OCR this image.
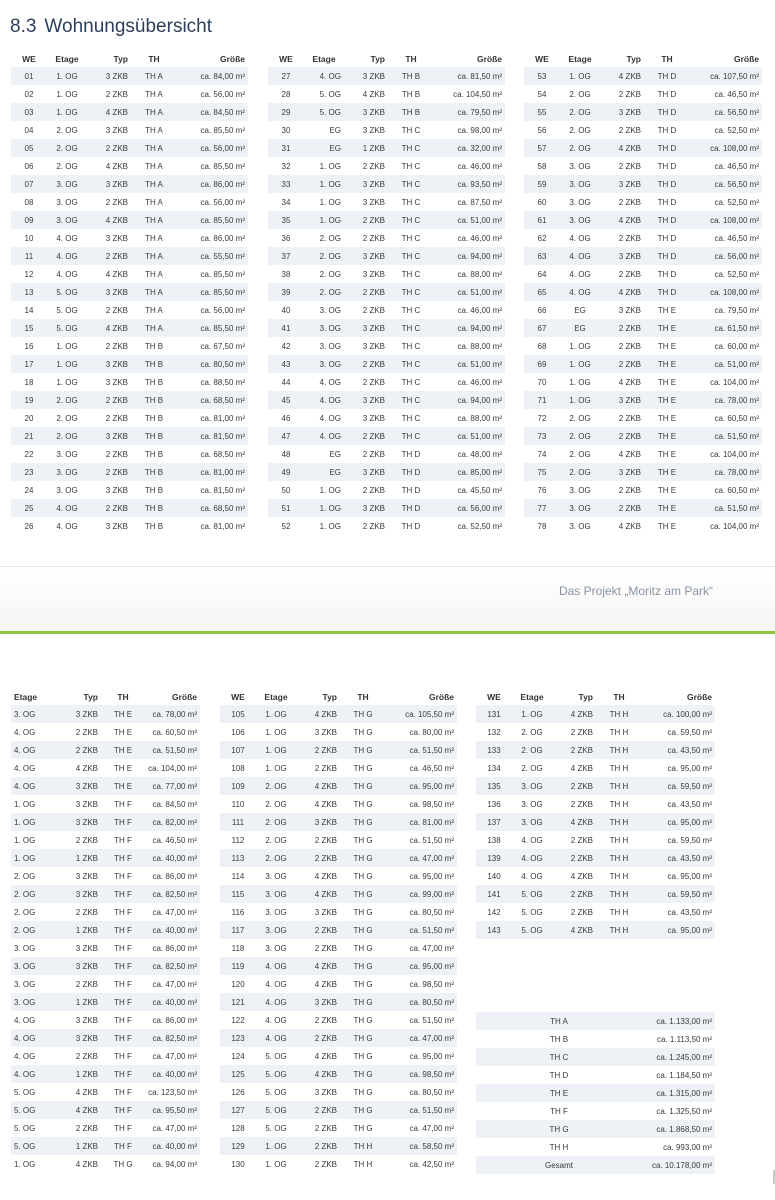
8.3 Wohnungsübersicht
WE	Etage	Typ	TH	Größe
01	1. OG	3 ZKB	TH A	ca. 84,00 m²
02	1. OG	2 ZKB	TH A	ca. 56,00 m²
03	1. OG	4 ZKB	TH A	ca. 84,50 m²
04	2. OG	3 ZKB	TH A	ca. 85,50 m²
05	2. OG	2 ZKB	TH A	ca. 56,00 m²
06	2. OG	4 ZKB	TH A	ca. 85,50 m²
07	3. OG	3 ZKB	TH A	ca. 86,00 m²
08	3. OG	2 ZKB	TH A	ca. 56,00 m²
09	3. OG	4 ZKB	TH A	ca. 85,50 m²
10	4. OG	3 ZKB	TH A	ca. 86,00 m²
11	4. OG	2 ZKB	TH A	ca. 55,50 m²
12	4. OG	4 ZKB	TH A	ca. 85,50 m²
13	5. OG	3 ZKB	TH A	ca. 85,50 m²
14	5. OG	2 ZKB	TH A	ca. 56,00 m²
15	5. OG	4 ZKB	TH A	ca. 85,50 m²
16	1. OG	2 ZKB	TH B	ca. 67,50 m²
17	1. OG	3 ZKB	TH B	ca. 80,50 m²
18	1. OG	3 ZKB	TH B	ca. 88,50 m²
19	2. OG	2 ZKB	TH B	ca. 68,50 m²
20	2. OG	2 ZKB	TH B	ca. 81,00 m²
21	2. OG	3 ZKB	TH B	ca. 81,50 m²
22	3. OG	2 ZKB	TH B	ca. 68,50 m²
23	3. OG	2 ZKB	TH B	ca. 81,00 m²
24	3. OG	3 ZKB	TH B	ca. 81,50 m²
25	4. OG	2 ZKB	TH B	ca. 68,50 m²
26	4. OG	3 ZKB	TH B	ca. 81,00 m²
WE	Etage	Typ	TH	Größe
27	4. OG	3 ZKB	TH B	ca. 81,50 m²
28	5. OG	4 ZKB	TH B	ca. 104,50 m²
29	5. OG	3 ZKB	TH B	ca. 79,50 m²
30	EG	3 ZKB	TH C	ca. 98,00 m²
31	EG	1 ZKB	TH C	ca. 32,00 m²
32	1. OG	2 ZKB	TH C	ca. 46,00 m²
33	1. OG	3 ZKB	TH C	ca. 93,50 m²
34	1. OG	3 ZKB	TH C	ca. 87,50 m²
35	1. OG	2 ZKB	TH C	ca. 51,00 m²
36	2. OG	2 ZKB	TH C	ca. 46,00 m²
37	2. OG	3 ZKB	TH C	ca. 94,00 m²
38	2. OG	3 ZKB	TH C	ca. 88,00 m²
39	2. OG	2 ZKB	TH C	ca. 51,00 m²
40	3. OG	2 ZKB	TH C	ca. 46,00 m²
41	3. OG	3 ZKB	TH C	ca. 94,00 m²
42	3. OG	3 ZKB	TH C	ca. 88,00 m²
43	3. OG	2 ZKB	TH C	ca. 51,00 m²
44	4. OG	2 ZKB	TH C	ca. 46,00 m²
45	4. OG	3 ZKB	TH C	ca. 94,00 m²
46	4. OG	3 ZKB	TH C	ca. 88,00 m²
47	4. OG	2 ZKB	TH C	ca. 51,00 m²
48	EG	2 ZKB	TH D	ca. 48,00 m²
49	EG	3 ZKB	TH D	ca. 85,00 m²
50	1. OG	2 ZKB	TH D	ca. 45,50 m²
51	1. OG	3 ZKB	TH D	ca. 56,00 m²
52	1. OG	2 ZKB	TH D	ca. 52,50 m²
WE	Etage	Typ	TH	Größe
53	1. OG	4 ZKB	TH D	ca. 107,50 m²
54	2. OG	2 ZKB	TH D	ca. 46,50 m²
55	2. OG	3 ZKB	TH D	ca. 56,50 m²
56	2. OG	2 ZKB	TH D	ca. 52,50 m²
57	2. OG	4 ZKB	TH D	ca. 108,00 m²
58	3. OG	2 ZKB	TH D	ca. 46,50 m²
59	3. OG	3 ZKB	TH D	ca. 56,50 m²
60	3. OG	2 ZKB	TH D	ca. 52,50 m²
61	3. OG	4 ZKB	TH D	ca. 108,00 m²
62	4. OG	2 ZKB	TH D	ca. 46,50 m²
63	4. OG	3 ZKB	TH D	ca. 56,00 m²
64	4. OG	2 ZKB	TH D	ca. 52,50 m²
65	4. OG	4 ZKB	TH D	ca. 108,00 m²
66	EG	3 ZKB	TH E	ca. 79,50 m²
67	EG	2 ZKB	TH E	ca. 61,50 m²
68	1. OG	2 ZKB	TH E	ca. 60,00 m²
69	1. OG	2 ZKB	TH E	ca. 51,00 m²
70	1. OG	4 ZKB	TH E	ca. 104,00 m²
71	1. OG	3 ZKB	TH E	ca. 78,00 m²
72	2. OG	2 ZKB	TH E	ca. 60,50 m²
73	2. OG	2 ZKB	TH E	ca. 51,50 m²
74	2. OG	4 ZKB	TH E	ca. 104,00 m²
75	2. OG	3 ZKB	TH E	ca. 78,00 m²
76	3. OG	2 ZKB	TH E	ca. 60,50 m²
77	3. OG	2 ZKB	TH E	ca. 51,50 m²
78	3. OG	4 ZKB	TH E	ca. 104,00 m²
Das Projekt „Moritz am Park“
Etage	Typ	TH	Größe
3. OG	3 ZKB	TH E	ca. 78,00 m²
4. OG	2 ZKB	TH E	ca. 60,50 m²
4. OG	2 ZKB	TH E	ca. 51,50 m²
4. OG	4 ZKB	TH E	ca. 104,00 m²
4. OG	3 ZKB	TH E	ca. 77,00 m²
1. OG	3 ZKB	TH F	ca. 84,50 m²
1. OG	3 ZKB	TH F	ca. 82,00 m²
1. OG	2 ZKB	TH F	ca. 46,50 m²
1. OG	1 ZKB	TH F	ca. 40,00 m²
2. OG	3 ZKB	TH F	ca. 86,00 m²
2. OG	3 ZKB	TH F	ca. 82,50 m²
2. OG	2 ZKB	TH F	ca. 47,00 m²
2. OG	1 ZKB	TH F	ca. 40,00 m²
3. OG	3 ZKB	TH F	ca. 86,00 m²
3. OG	3 ZKB	TH F	ca. 82,50 m²
3. OG	2 ZKB	TH F	ca. 47,00 m²
3. OG	1 ZKB	TH F	ca. 40,00 m²
4. OG	3 ZKB	TH F	ca. 86,00 m²
4. OG	3 ZKB	TH F	ca. 82,50 m²
4. OG	2 ZKB	TH F	ca. 47,00 m²
4. OG	1 ZKB	TH F	ca. 40,00 m²
5. OG	4 ZKB	TH F	ca. 123,50 m²
5. OG	4 ZKB	TH F	ca. 95,50 m²
5. OG	2 ZKB	TH F	ca. 47,00 m²
5. OG	1 ZKB	TH F	ca. 40,00 m²
1. OG	4 ZKB	TH G	ca. 94,00 m²
WE	Etage	Typ	TH	Größe
105	1. OG	4 ZKB	TH G	ca. 105,50 m²
106	1. OG	3 ZKB	TH G	ca. 80,00 m²
107	1. OG	2 ZKB	TH G	ca. 51,50 m²
108	1. OG	2 ZKB	TH G	ca. 46,50 m²
109	2. OG	4 ZKB	TH G	ca. 95,00 m²
110	2. OG	4 ZKB	TH G	ca. 98,50 m²
111	2. OG	3 ZKB	TH G	ca. 81,00 m²
112	2. OG	2 ZKB	TH G	ca. 51,50 m²
113	2. OG	2 ZKB	TH G	ca. 47,00 m²
114	3. OG	4 ZKB	TH G	ca. 95,00 m²
115	3. OG	4 ZKB	TH G	ca. 99,00 m²
116	3. OG	3 ZKB	TH G	ca. 80,50 m²
117	3. OG	2 ZKB	TH G	ca. 51,50 m²
118	3. OG	2 ZKB	TH G	ca. 47,00 m²
119	4. OG	4 ZKB	TH G	ca. 95,00 m²
120	4. OG	4 ZKB	TH G	ca. 98,50 m²
121	4. OG	3 ZKB	TH G	ca. 80,50 m²
122	4. OG	2 ZKB	TH G	ca. 51,50 m²
123	4. OG	2 ZKB	TH G	ca. 47,00 m²
124	5. OG	4 ZKB	TH G	ca. 95,00 m²
125	5. OG	4 ZKB	TH G	ca. 98,50 m²
126	5. OG	3 ZKB	TH G	ca. 80,50 m²
127	5. OG	2 ZKB	TH G	ca. 51,50 m²
128	5. OG	2 ZKB	TH G	ca. 47,00 m²
129	1. OG	2 ZKB	TH H	ca. 58,50 m²
130	1. OG	2 ZKB	TH H	ca. 42,50 m²
WE	Etage	Typ	TH	Größe
131	1. OG	4 ZKB	TH H	ca. 100,00 m²
132	2. OG	2 ZKB	TH H	ca. 59,50 m²
133	2. OG	2 ZKB	TH H	ca. 43,50 m²
134	2. OG	4 ZKB	TH H	ca. 95,00 m²
135	3. OG	2 ZKB	TH H	ca. 59,50 m²
136	3. OG	2 ZKB	TH H	ca. 43,50 m²
137	3. OG	4 ZKB	TH H	ca. 95,00 m²
138	4. OG	2 ZKB	TH H	ca. 59,50 m²
139	4. OG	2 ZKB	TH H	ca. 43,50 m²
140	4. OG	4 ZKB	TH H	ca. 95,00 m²
141	5. OG	2 ZKB	TH H	ca. 59,50 m²
142	5. OG	2 ZKB	TH H	ca. 43,50 m²
143	5. OG	4 ZKB	TH H	ca. 95,00 m²
TH A	ca. 1.133,00 m²
TH B	ca. 1.113,50 m²
TH C	ca. 1.245,00 m²
TH D	ca. 1.184,50 m²
TH E	ca. 1.315,00 m²
TH F	ca. 1.325,50 m²
TH G	ca. 1.868,50 m²
TH H	ca. 993,00 m²
Gesamt	ca. 10.178,00 m²
